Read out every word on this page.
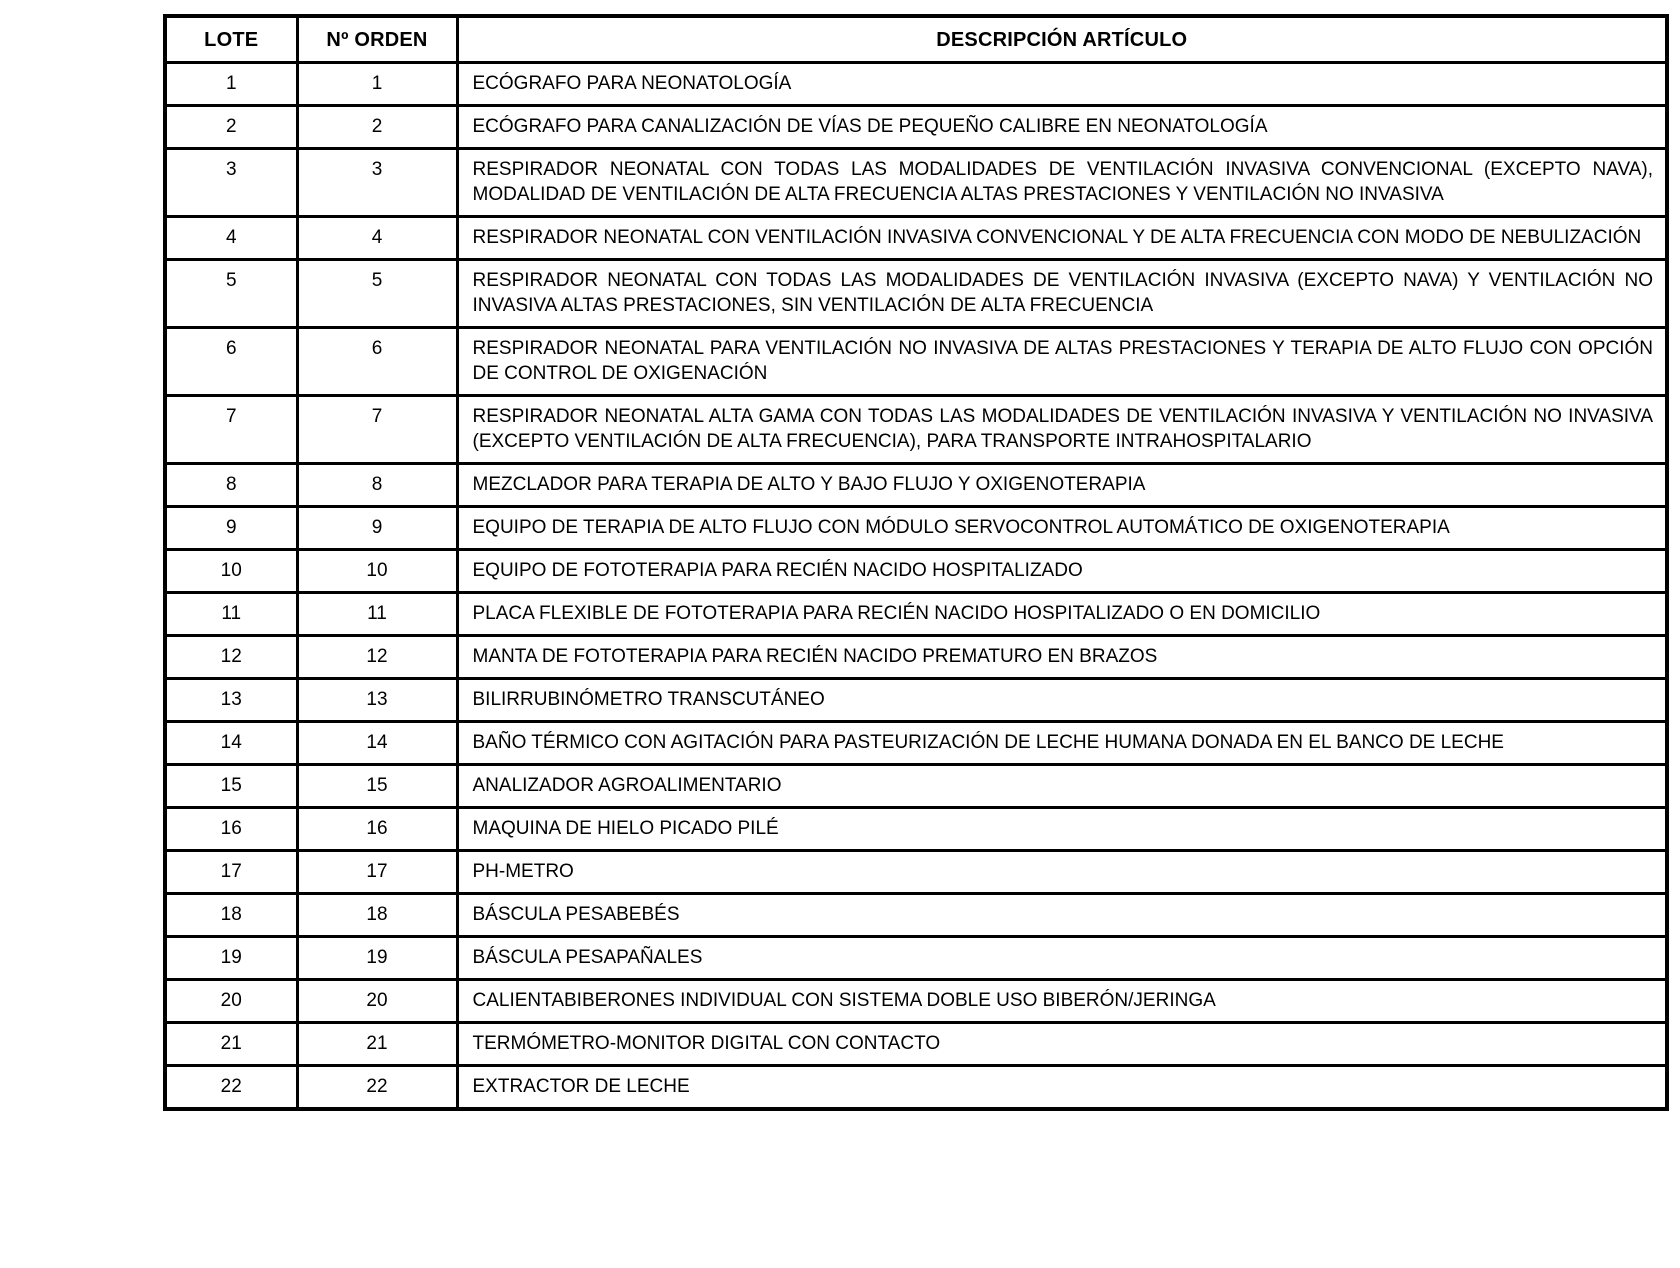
LOTE	Nº ORDEN	DESCRIPCIÓN ARTÍCULO
1	1	ECÓGRAFO PARA NEONATOLOGÍA
2	2	ECÓGRAFO PARA CANALIZACIÓN DE VÍAS DE PEQUEÑO CALIBRE EN NEONATOLOGÍA
3	3	RESPIRADOR NEONATAL CON TODAS LAS MODALIDADES DE VENTILACIÓN INVASIVA CONVENCIONAL (EXCEPTO NAVA), MODALIDAD DE VENTILACIÓN DE ALTA FRECUENCIA ALTAS PRESTACIONES Y VENTILACIÓN NO INVASIVA
4	4	RESPIRADOR NEONATAL CON VENTILACIÓN INVASIVA CONVENCIONAL Y DE ALTA FRECUENCIA CON MODO DE NEBULIZACIÓN
5	5	RESPIRADOR NEONATAL CON TODAS LAS MODALIDADES DE VENTILACIÓN INVASIVA (EXCEPTO NAVA) Y VENTILACIÓN NO INVASIVA ALTAS PRESTACIONES, SIN VENTILACIÓN DE ALTA FRECUENCIA
6	6	RESPIRADOR NEONATAL PARA VENTILACIÓN NO INVASIVA DE ALTAS PRESTACIONES Y TERAPIA DE ALTO FLUJO CON OPCIÓN DE CONTROL DE OXIGENACIÓN
7	7	RESPIRADOR NEONATAL ALTA GAMA CON TODAS LAS MODALIDADES DE VENTILACIÓN INVASIVA Y VENTILACIÓN NO INVASIVA (EXCEPTO VENTILACIÓN DE ALTA FRECUENCIA), PARA TRANSPORTE INTRAHOSPITALARIO
8	8	MEZCLADOR PARA TERAPIA DE ALTO Y BAJO FLUJO Y OXIGENOTERAPIA
9	9	EQUIPO DE TERAPIA DE ALTO FLUJO CON MÓDULO SERVOCONTROL AUTOMÁTICO DE OXIGENOTERAPIA
10	10	EQUIPO DE FOTOTERAPIA PARA RECIÉN NACIDO HOSPITALIZADO
11	11	PLACA FLEXIBLE DE FOTOTERAPIA PARA RECIÉN NACIDO HOSPITALIZADO O EN DOMICILIO
12	12	MANTA DE FOTOTERAPIA PARA RECIÉN NACIDO PREMATURO EN BRAZOS
13	13	BILIRRUBINÓMETRO TRANSCUTÁNEO
14	14	BAÑO TÉRMICO CON AGITACIÓN PARA PASTEURIZACIÓN DE LECHE HUMANA DONADA EN EL BANCO DE LECHE
15	15	ANALIZADOR AGROALIMENTARIO
16	16	MAQUINA DE HIELO PICADO PILÉ
17	17	PH-METRO
18	18	BÁSCULA PESABEBÉS
19	19	BÁSCULA PESAPAÑALES
20	20	CALIENTABIBERONES INDIVIDUAL CON SISTEMA DOBLE USO BIBERÓN/JERINGA
21	21	TERMÓMETRO-MONITOR DIGITAL CON CONTACTO
22	22	EXTRACTOR DE LECHE
